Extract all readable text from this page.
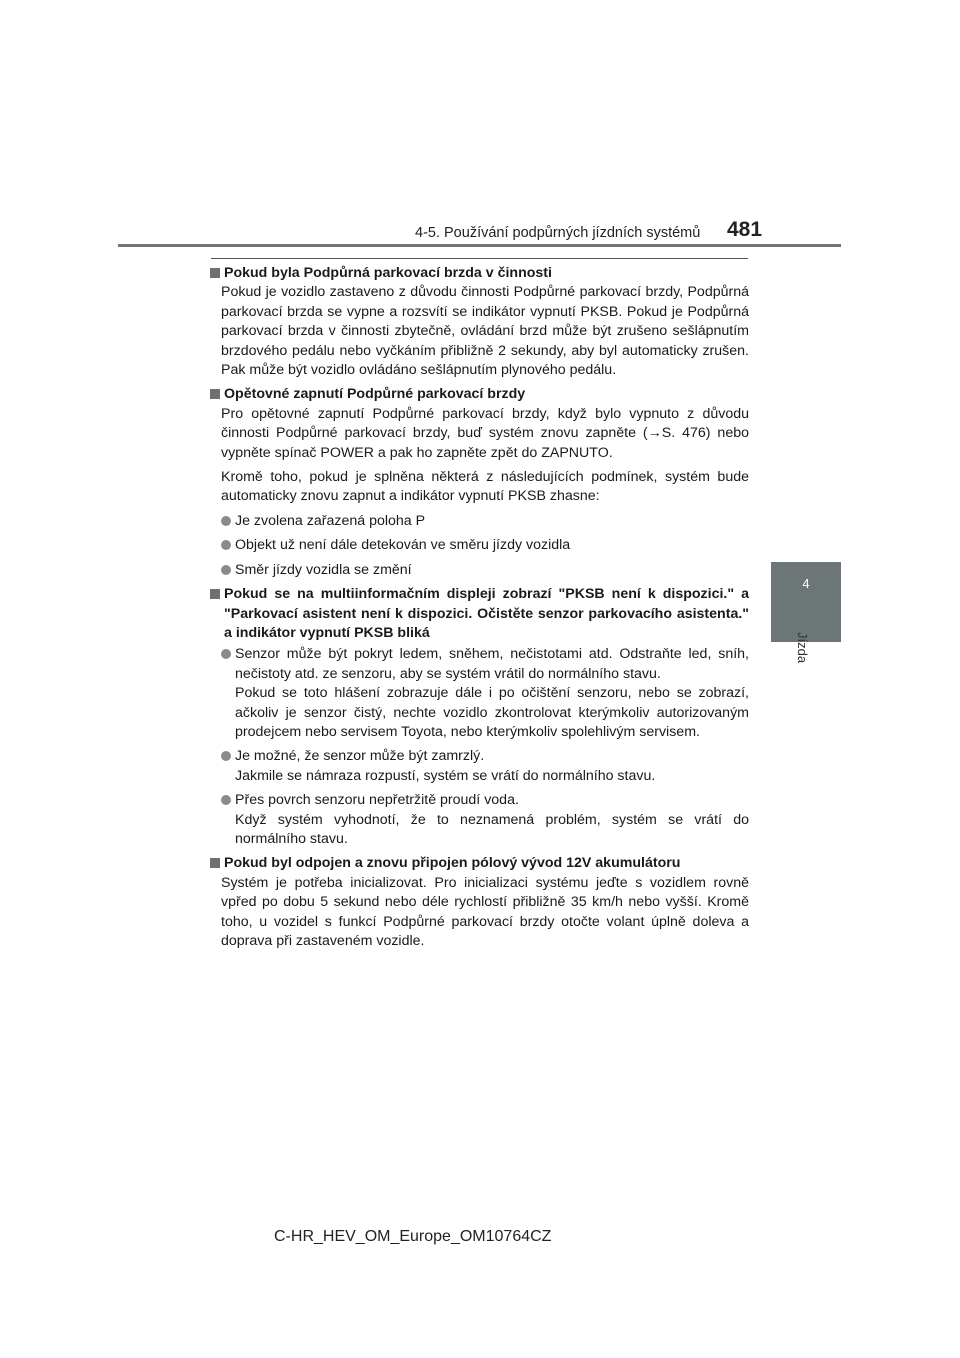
4-5. Používání podpůrných jízdních systémů 481
4
Jízda
Pokud byla Podpůrná parkovací brzda v činnosti

Pokud je vozidlo zastaveno z důvodu činnosti Podpůrné parkovací brzdy, Podpůrná parkovací brzda se vypne a rozsvítí se indikátor vypnutí PKSB. Pokud je Podpůrná parkovací brzda v činnosti zbytečně, ovládání brzd může být zrušeno sešlápnutím brzdového pedálu nebo vyčkáním přibližně 2 sekundy, aby byl automaticky zrušen. Pak může být vozidlo ovládáno sešlápnutím plynového pedálu.

Opětovné zapnutí Podpůrné parkovací brzdy

Pro opětovné zapnutí Podpůrné parkovací brzdy, když bylo vypnuto z důvodu činnosti Podpůrné parkovací brzdy, buď systém znovu zapněte (→S. 476) nebo vypněte spínač POWER a pak ho zapněte zpět do ZAPNUTO.

Kromě toho, pokud je splněna některá z následujících podmínek, systém bude automaticky znovu zapnut a indikátor vypnutí PKSB zhasne:

Je zvolena zařazená poloha P
Objekt už není dále detekován ve směru jízdy vozidla
Směr jízdy vozidla se změní
Pokud se na multiinformačním displeji zobrazí "PKSB není k dispozici." a "Parkovací asistent není k dispozici. Očistěte senzor parkovacího asistenta." a indikátor vypnutí PKSB bliká
Senzor může být pokryt ledem, sněhem, nečistotami atd. Odstraňte led, sníh, nečistoty atd. ze senzoru, aby se systém vrátil do normálního stavu.
Pokud se toto hlášení zobrazuje dále i po očištění senzoru, nebo se zobrazí, ačkoliv je senzor čistý, nechte vozidlo zkontrolovat kterýmkoliv autorizovaným prodejcem nebo servisem Toyota, nebo kterýmkoliv spolehlivým servisem.
Je možné, že senzor může být zamrzlý.
Jakmile se námraza rozpustí, systém se vrátí do normálního stavu.
Přes povrch senzoru nepřetržitě proudí voda.
Když systém vyhodnotí, že to neznamená problém, systém se vrátí do normálního stavu.
Pokud byl odpojen a znovu připojen pólový vývod 12V akumulátoru

Systém je potřeba inicializovat. Pro inicializaci systému jeďte s vozidlem rovně vpřed po dobu 5 sekund nebo déle rychlostí přibližně 35 km/h nebo vyšší. Kromě toho, u vozidel s funkcí Podpůrné parkovací brzdy otočte volant úplně doleva a doprava při zastaveném vozidle.

C-HR_HEV_OM_Europe_OM10764CZ
